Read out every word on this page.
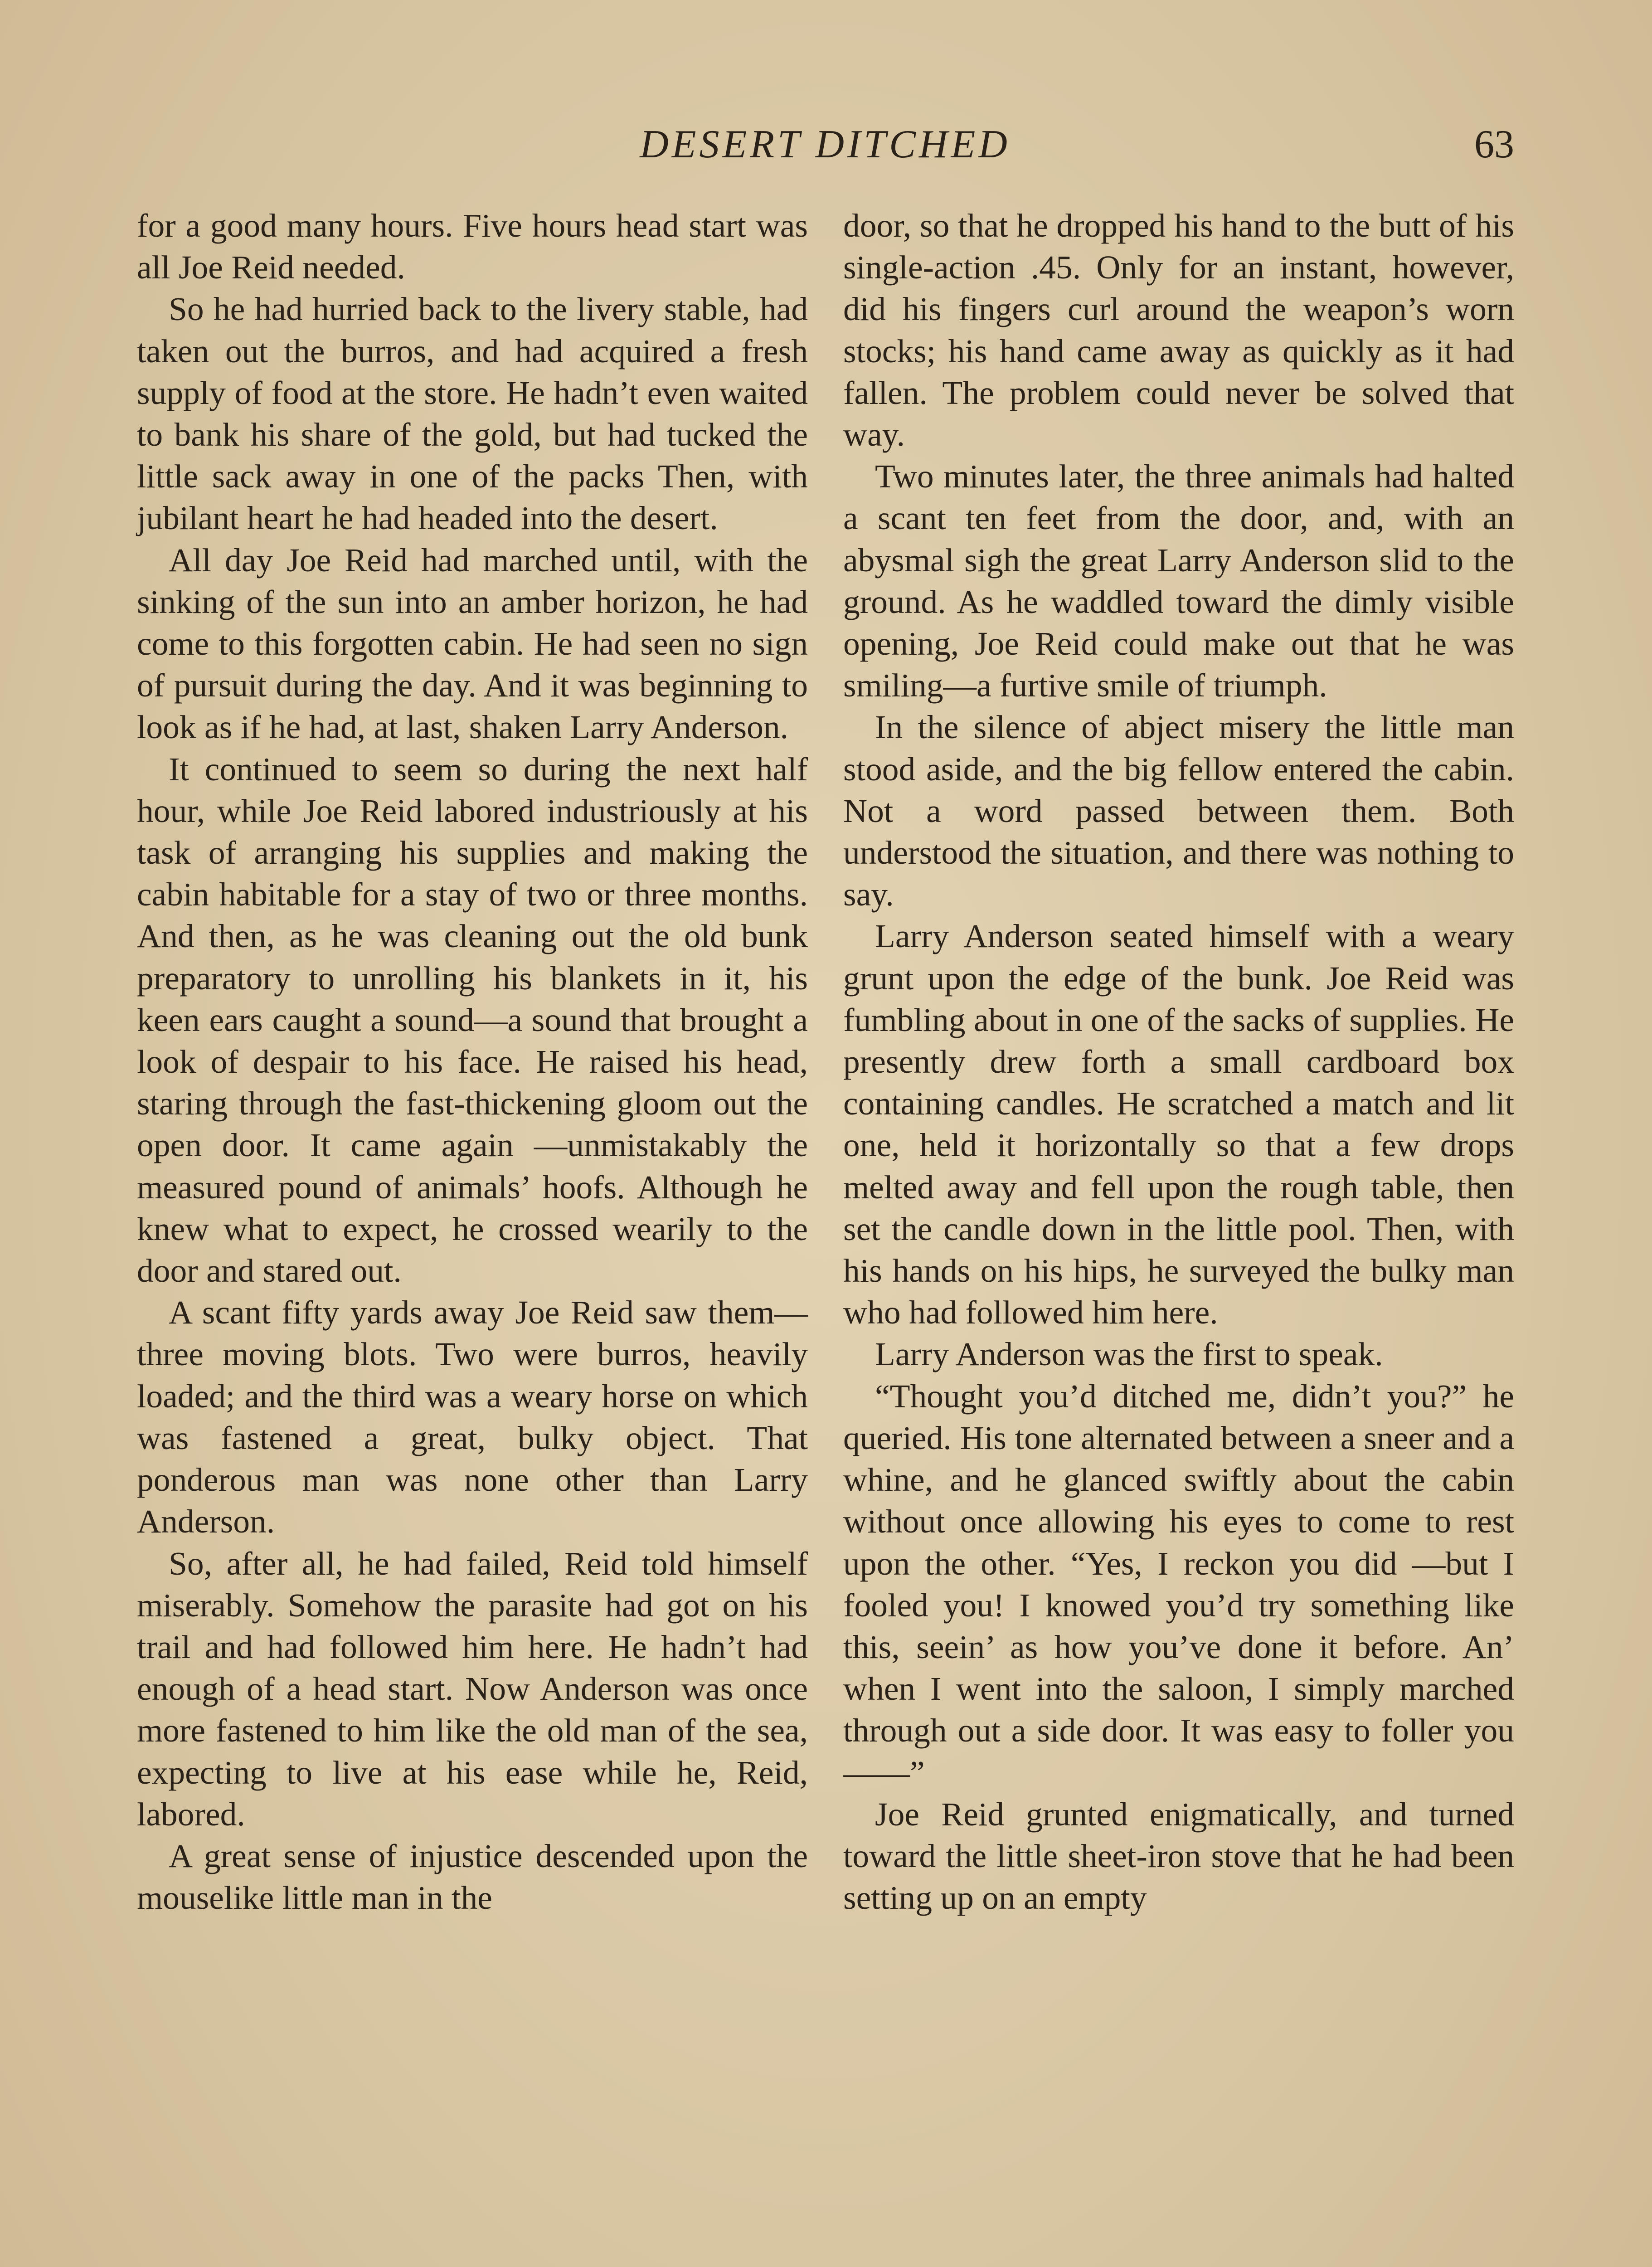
DESERT DITCHED	63

for a good many hours. Five hours head start was all Joe Reid needed.

So he had hurried back to the livery stable, had taken out the burros, and had acquired a fresh supply of food at the store. He hadn’t even waited to bank his share of the gold, but had tucked the little sack away in one of the packs Then, with jubilant heart he had headed into the desert.

All day Joe Reid had marched until, with the sinking of the sun into an amber horizon, he had come to this forgotten cabin. He had seen no sign of pursuit during the day. And it was beginning to look as if he had, at last, shaken Larry Anderson.

It continued to seem so during the next half hour, while Joe Reid labored industriously at his task of arranging his supplies and making the cabin habitable for a stay of two or three months. And then, as he was cleaning out the old bunk preparatory to unrolling his blankets in it, his keen ears caught a sound—a sound that brought a look of despair to his face. He raised his head, staring through the fast-thickening gloom out the open door. It came again —unmistakably the measured pound of animals’ hoofs. Although he knew what to expect, he crossed wearily to the door and stared out.

A scant fifty yards away Joe Reid saw them—three moving blots. Two were burros, heavily loaded; and the third was a weary horse on which was fastened a great, bulky object. That ponderous man was none other than Larry Anderson.

So, after all, he had failed, Reid told himself miserably. Somehow the parasite had got on his trail and had followed him here. He hadn’t had enough of a head start. Now Anderson was once more fastened to him like the old man of the sea, expecting to live at his ease while he, Reid, labored.

A great sense of injustice descended upon the mouselike little man in the

door, so that he dropped his hand to the butt of his single-action .45. Only for an instant, however, did his fingers curl around the weapon’s worn stocks; his hand came away as quickly as it had fallen. The problem could never be solved that way.

Two minutes later, the three animals had halted a scant ten feet from the door, and, with an abysmal sigh the great Larry Anderson slid to the ground. As he waddled toward the dimly visible opening, Joe Reid could make out that he was smiling—a furtive smile of triumph.

In the silence of abject misery the little man stood aside, and the big fellow entered the cabin. Not a word passed between them. Both understood the situation, and there was nothing to say.

Larry Anderson seated himself with a weary grunt upon the edge of the bunk. Joe Reid was fumbling about in one of the sacks of supplies. He presently drew forth a small cardboard box containing candles. He scratched a match and lit one, held it horizontally so that a few drops melted away and fell upon the rough table, then set the candle down in the little pool. Then, with his hands on his hips, he surveyed the bulky man who had followed him here.

Larry Anderson was the first to speak.

“Thought you’d ditched me, didn’t you?” he queried. His tone alternated between a sneer and a whine, and he glanced swiftly about the cabin without once allowing his eyes to come to rest upon the other. “Yes, I reckon you did —but I fooled you! I knowed you’d try something like this, seein’ as how you’ve done it before. An’ when I went into the saloon, I simply marched through out a side door. It was easy to foller you——”

Joe Reid grunted enigmatically, and turned toward the little sheet-iron stove that he had been setting up on an empty
